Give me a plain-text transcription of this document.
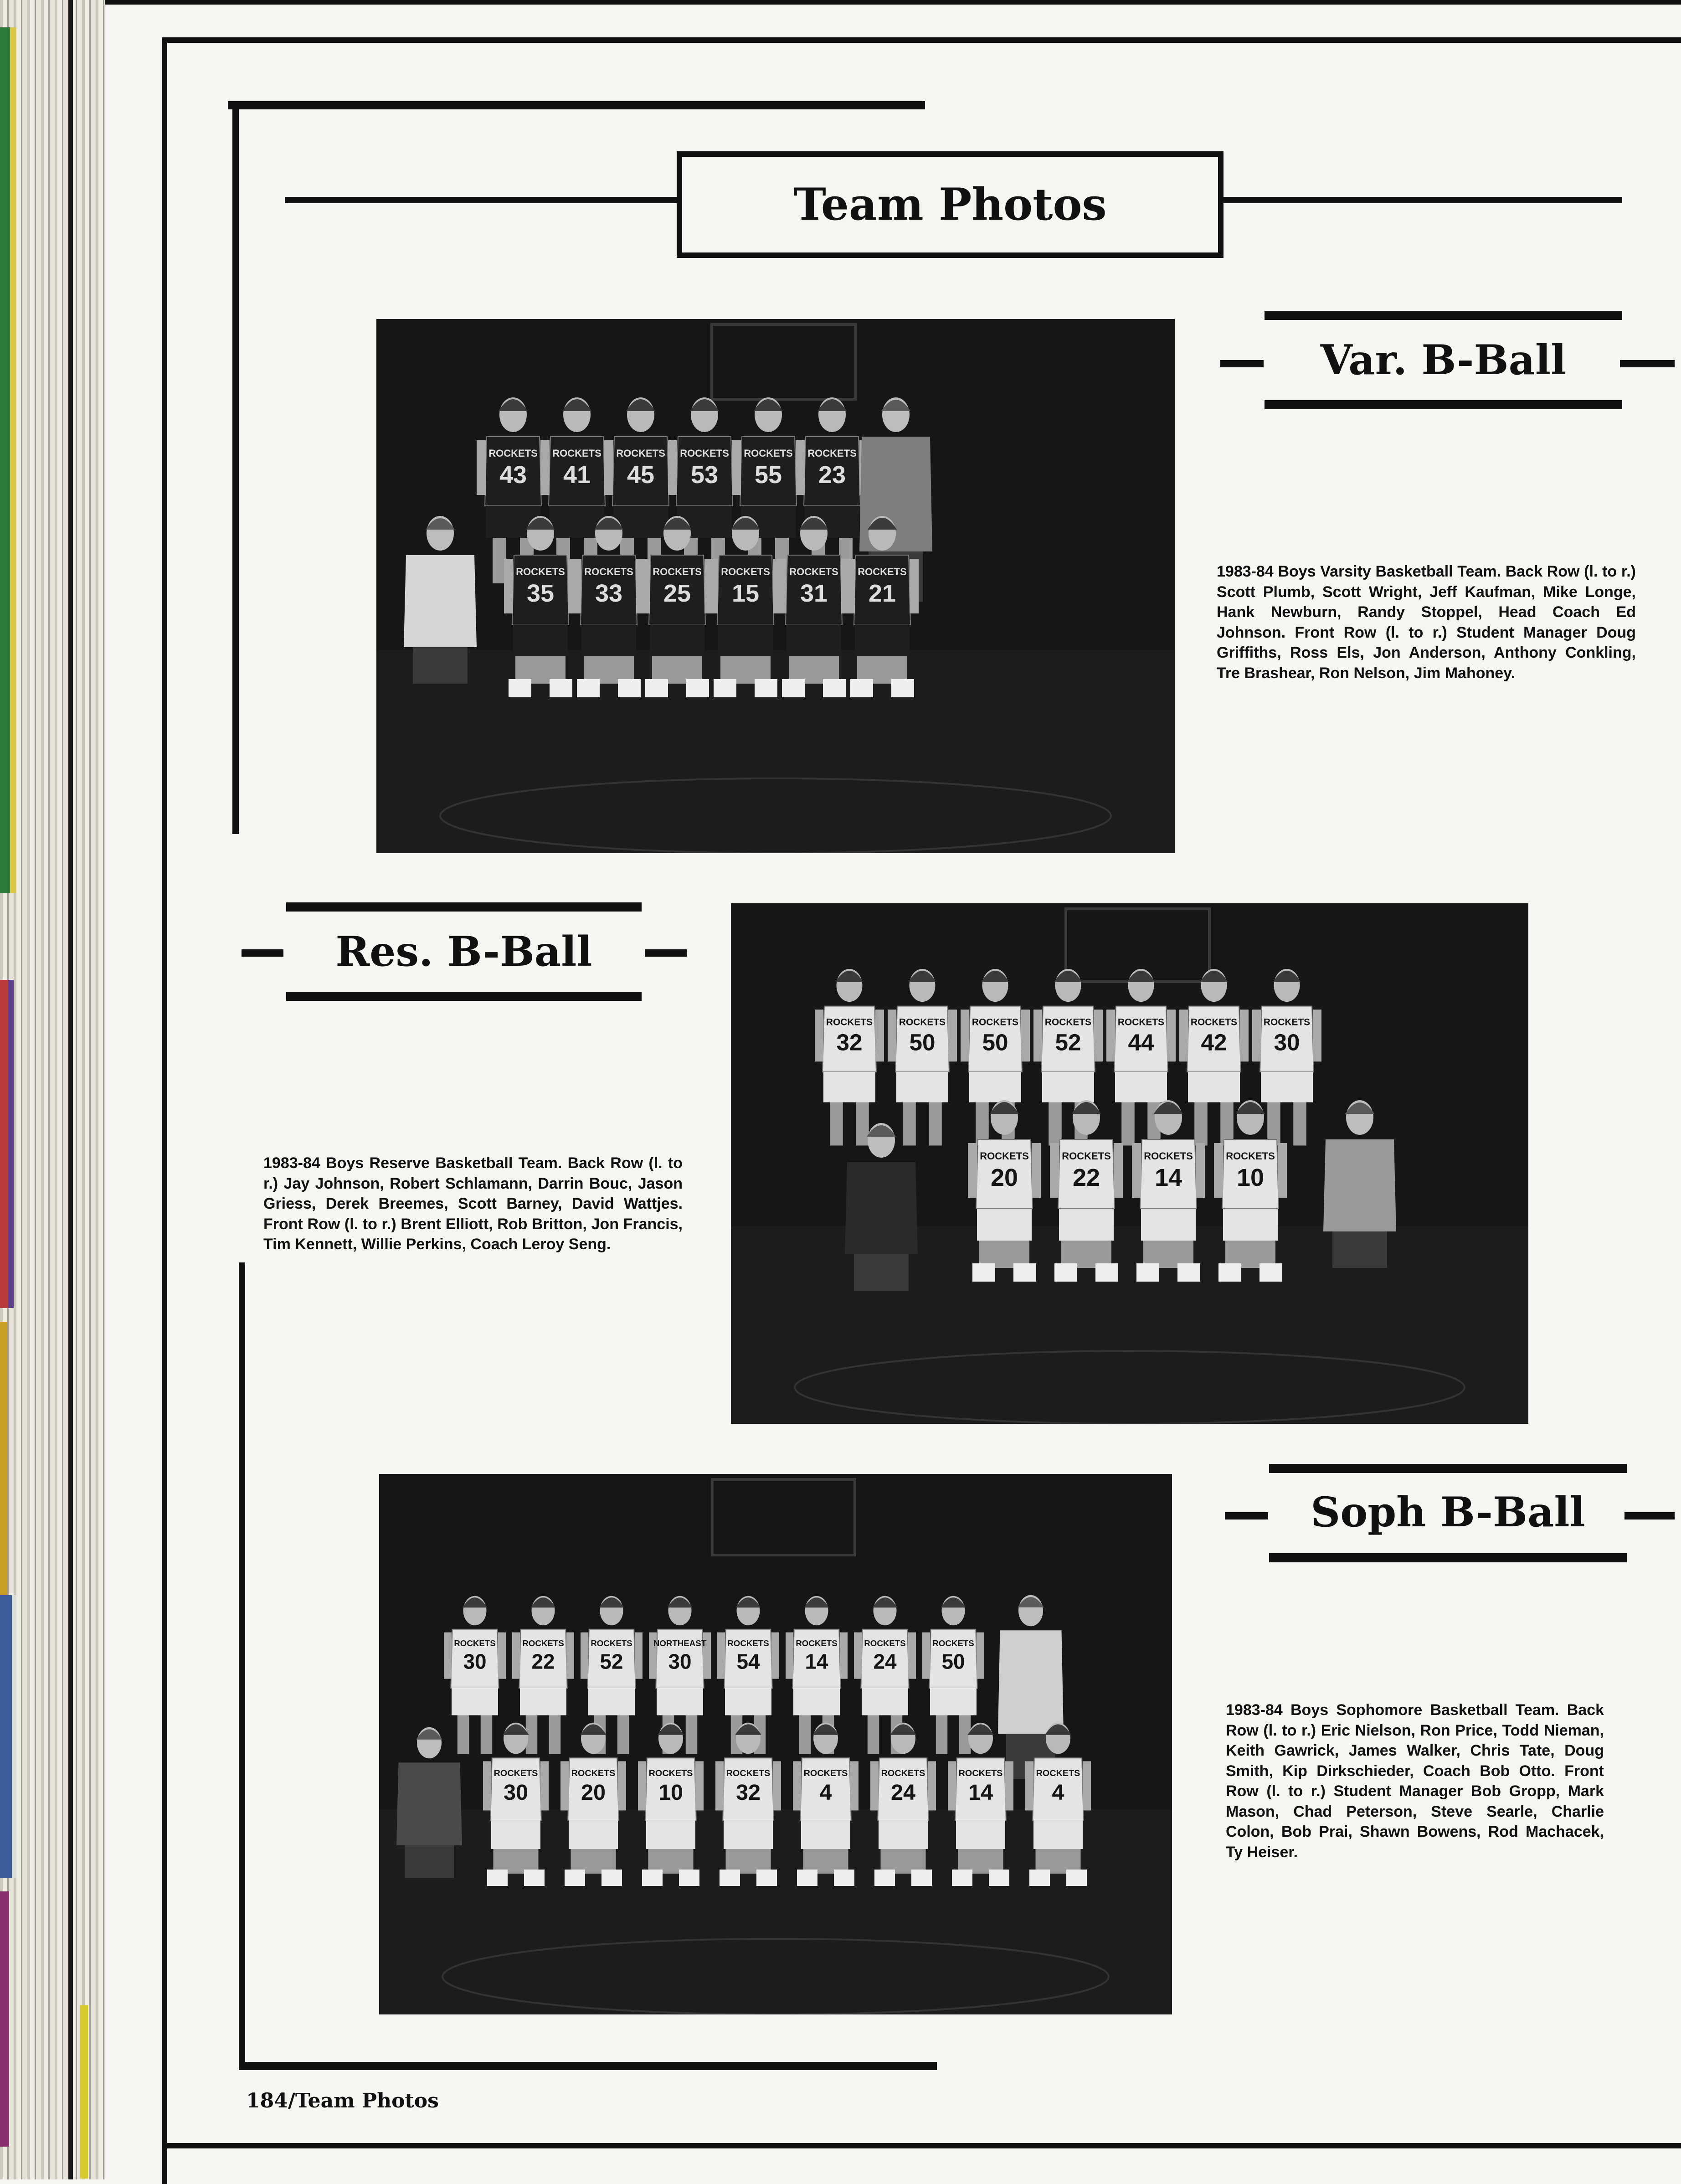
Team Photos
Var. B-Ball
ROCKETS
43
ROCKETS
41
ROCKETS
45
ROCKETS
53
ROCKETS
55
ROCKETS
23
ROCKETS
35
ROCKETS
33
ROCKETS
25
ROCKETS
15
ROCKETS
31
ROCKETS
21
1983-84 Boys Varsity Basketball Team. Back Row (l. to r.) Scott Plumb, Scott Wright, Jeff Kaufman, Mike Longe, Hank Newburn, Randy Stoppel, Head Coach Ed Johnson. Front Row (l. to r.) Student Manager Doug Griffiths, Ross Els, Jon Anderson, Anthony Conkling, Tre Brashear, Ron Nelson, Jim Mahoney.
Res. B-Ball
1983-84 Boys Reserve Basketball Team. Back Row (l. to r.) Jay Johnson, Robert Schlamann, Darrin Bouc, Jason Griess, Derek Breemes, Scott Barney, David Wattjes. Front Row (l. to r.) Brent Elliott, Rob Britton, Jon Francis, Tim Kennett, Willie Perkins, Coach Leroy Seng.
ROCKETS
32
ROCKETS
50
ROCKETS
50
ROCKETS
52
ROCKETS
44
ROCKETS
42
ROCKETS
30
ROCKETS
20
ROCKETS
22
ROCKETS
14
ROCKETS
10
Soph B-Ball
ROCKETS
30
ROCKETS
22
ROCKETS
52
NORTHEAST
30
ROCKETS
54
ROCKETS
14
ROCKETS
24
ROCKETS
50
ROCKETS
30
ROCKETS
20
ROCKETS
10
ROCKETS
32
ROCKETS
4
ROCKETS
24
ROCKETS
14
ROCKETS
4
1983-84 Boys Sophomore Basketball Team. Back Row (l. to r.) Eric Nielson, Ron Price, Todd Nieman, Keith Gawrick, James Walker, Chris Tate, Doug Smith, Kip Dirkschieder, Coach Bob Otto. Front Row (l. to r.) Student Manager Bob Gropp, Mark Mason, Chad Peterson, Steve Searle, Charlie Colon, Bob Prai, Shawn Bowens, Rod Machacek, Ty Heiser.
184/Team Photos
